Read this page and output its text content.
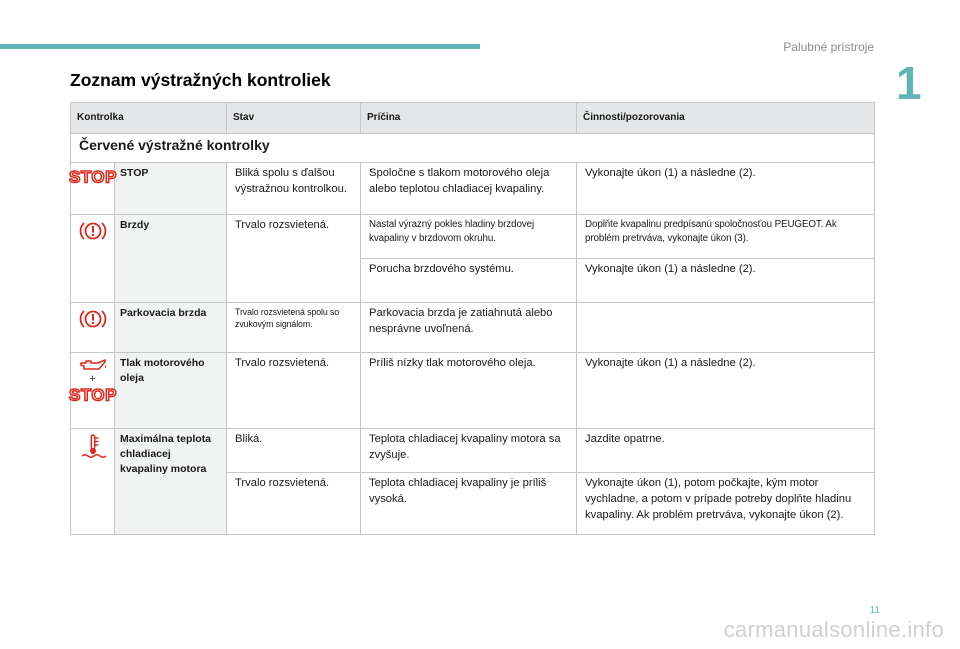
Palubné prístroje
1
Zoznam výstražných kontroliek
Kontrolka		Stav	Príčina	Činnosti/pozorovania
Červené výstražné kontrolky				

STOP	STOP	Bliká spolu s ďalšou výstražnou kontrolkou.	Spoločne s tlakom motorového oleja alebo teplotou chladiacej kvapaliny.	Vykonajte úkon (1) a následne (2).
	Brzdy	Trvalo rozsvietená.	Nastal výrazný pokles hladiny brzdovej kvapaliny v brzdovom okruhu.	Doplňte kvapalinu predpísanú spoločnosťou PEUGEOT. Ak problém pretrváva, vykonajte úkon (3).
			Porucha brzdového systému.	Vykonajte úkon (1) a následne (2).
	Parkovacia brzda	Trvalo rozsvietená spolu so zvukovým signálom.	Parkovacia brzda je zatiahnutá alebo nesprávne uvoľnená.	

+
STOP	Tlak motorového oleja	Trvalo rozsvietená.	Príliš nízky tlak motorového oleja.	Vykonajte úkon (1) a následne (2).
	Maximálna teplota chladiacej kvapaliny motora	Bliká.	Teplota chladiacej kvapaliny motora sa zvyšuje.	Jazdite opatrne.
		Trvalo rozsvietená.	Teplota chladiacej kvapaliny je príliš vysoká.	Vykonajte úkon (1), potom počkajte, kým motor vychladne, a potom v prípade potreby doplňte hladinu kvapaliny. Ak problém pretrváva, vykonajte úkon (2).
11
carmanualsonline.info
